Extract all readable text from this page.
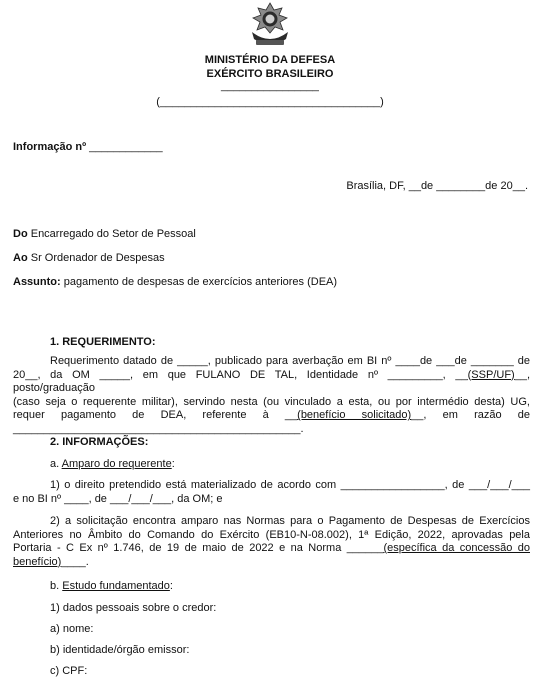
MINISTÉRIO DA DEFESA
EXÉRCITO BRASILEIRO
________________
(____________________________________)
Informação nº ____________
Brasília, DF, __de ________de 20__.
Do Encarregado do Setor de Pessoal
Ao Sr Ordenador de Despesas
Assunto: pagamento de despesas de exercícios anteriores (DEA)
1. REQUERIMENTO:
Requerimento datado de _____, publicado para averbação em BI nº ____de ___de _______ de
20__, da OM _____, em que FULANO DE TAL, Identidade nº _________, __(SSP/UF)__, posto/graduação
(caso seja o requerente militar), servindo nesta (ou vinculado a esta, ou por intermédio desta) UG,
requer pagamento de DEA, referente à __(benefício solicitado)__, em razão de
_______________________________________________.
2. INFORMAÇÕES:
a. Amparo do requerente:
1) o direito pretendido está materializado de acordo com _________________, de ___/___/___
e no BI nº ____, de ___/___/___, da OM; e
2) a solicitação encontra amparo nas Normas para o Pagamento de Despesas de Exercícios
Anteriores no Âmbito do Comando do Exército (EB10-N-08.002), 1ª Edição, 2022, aprovadas pela
Portaria - C Ex nº 1.746, de 19 de maio de 2022 e na Norma ______(específica da concessão do
benefício)____.
b. Estudo fundamentado:
1) dados pessoais sobre o credor:
a) nome:
b) identidade/órgão emissor:
c) CPF:
